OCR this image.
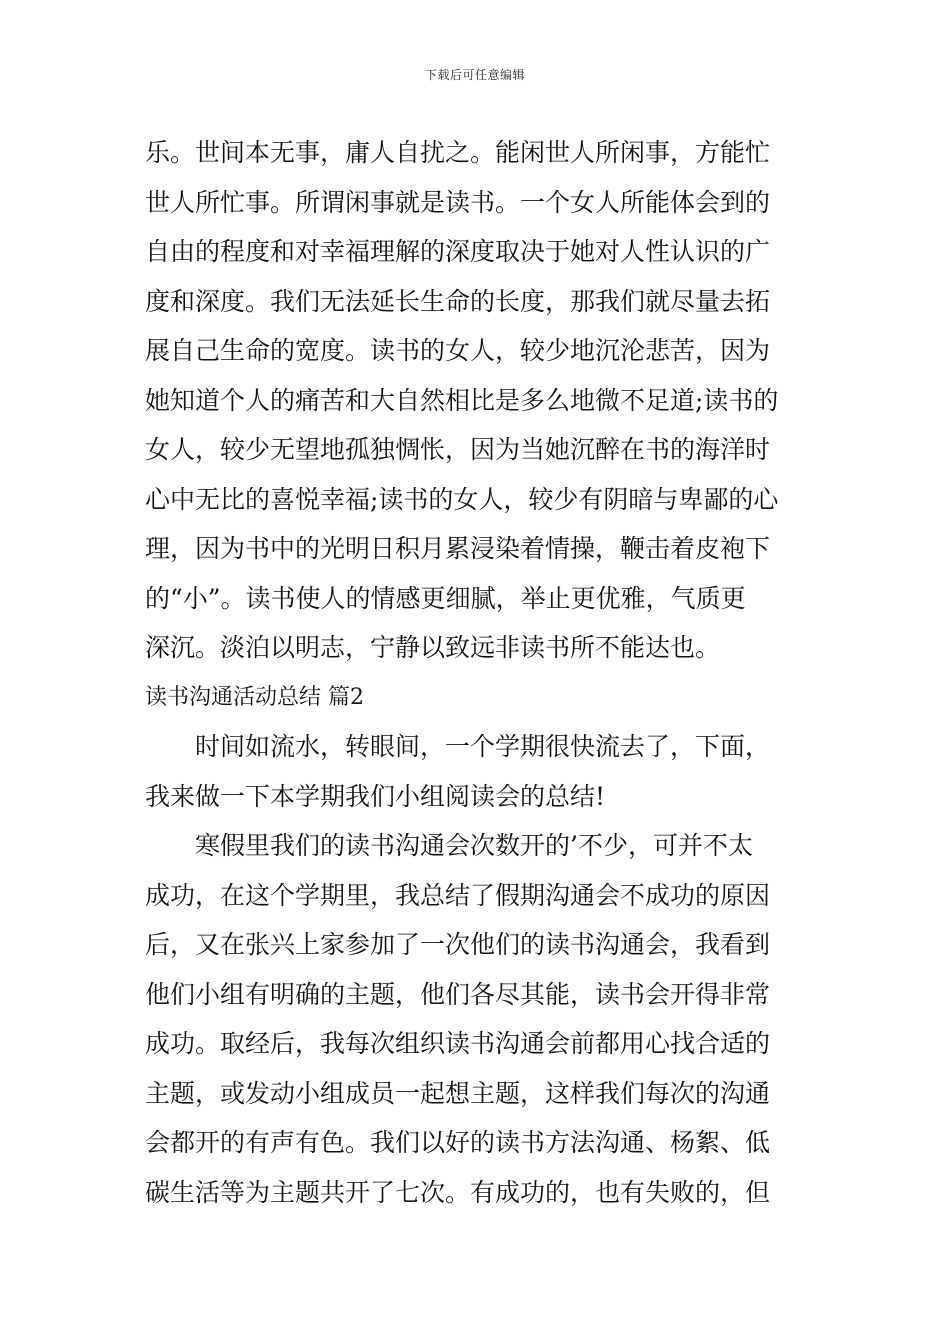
下载后可任意编辑
乐。世间本无事，庸人自扰之。能闲世人所闲事，方能忙
世人所忙事。所谓闲事就是读书。一个女人所能体会到的
自由的程度和对幸福理解的深度取决于她对人性认识的广
度和深度。我们无法延长生命的长度，那我们就尽量去拓
展自己生命的宽度。读书的女人，较少地沉沦悲苦，因为
她知道个人的痛苦和大自然相比是多么地微不足道;读书的
女人，较少无望地孤独惆怅，因为当她沉醉在书的海洋时
心中无比的喜悦幸福;读书的女人，较少有阴暗与卑鄙的心
理，因为书中的光明日积月累浸染着情操，鞭击着皮袍下
的“小”。读书使人的情感更细腻，举止更优雅，气质更
深沉。淡泊以明志，宁静以致远非读书所不能达也。
读书沟通活动总结 篇2
时间如流水，转眼间，一个学期很快流去了，下面，
我来做一下本学期我们小组阅读会的总结!
寒假里我们的读书沟通会次数开的’不少，可并不太
成功，在这个学期里，我总结了假期沟通会不成功的原因
后，又在张兴上家参加了一次他们的读书沟通会，我看到
他们小组有明确的主题，他们各尽其能，读书会开得非常
成功。取经后，我每次组织读书沟通会前都用心找合适的
主题，或发动小组成员一起想主题，这样我们每次的沟通
会都开的有声有色。我们以好的读书方法沟通、杨絮、低
碳生活等为主题共开了七次。有成功的，也有失败的，但
